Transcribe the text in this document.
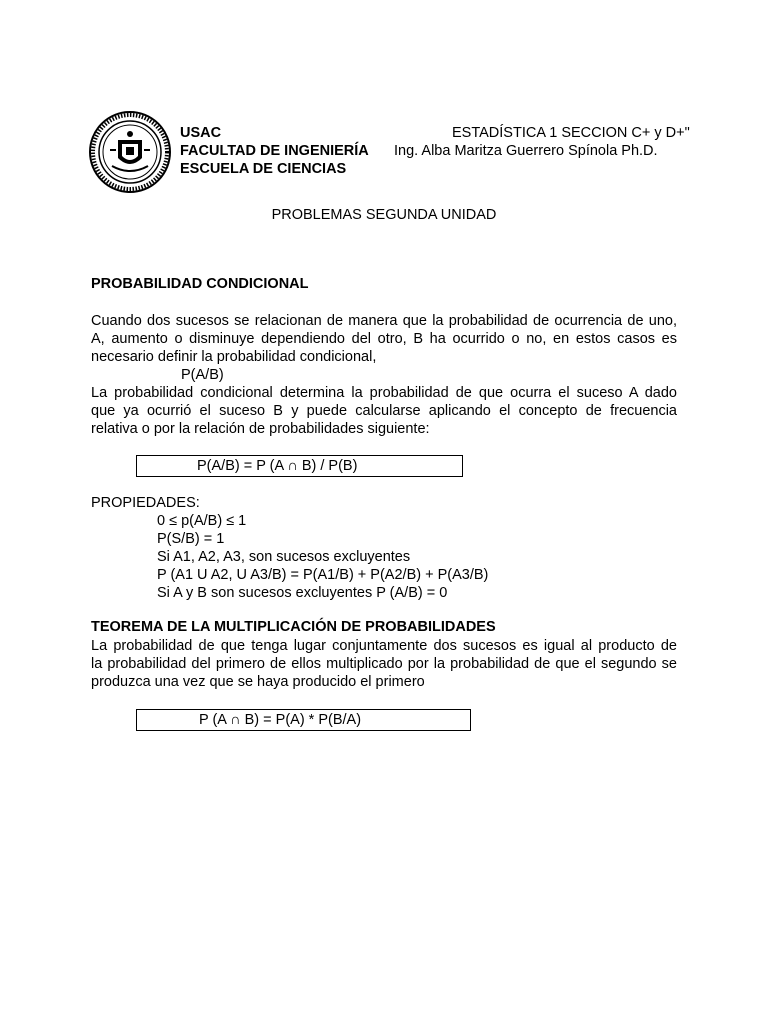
USAC
FACULTAD DE INGENIERÍA
ESCUELA DE CIENCIAS
ESTADÍSTICA 1 SECCION C+ y D+"
Ing. Alba Maritza Guerrero Spínola Ph.D.
PROBLEMAS SEGUNDA UNIDAD
PROBABILIDAD CONDICIONAL
Cuando dos sucesos se relacionan de manera que la probabilidad de ocurrencia de uno,
A, aumento o disminuye dependiendo del otro, B ha ocurrido o no, en estos casos es
necesario definir la probabilidad condicional,
P(A/B)
La probabilidad condicional determina la probabilidad de que ocurra el suceso A dado
que ya ocurrió el suceso B y puede calcularse aplicando el concepto de frecuencia
relativa o por la relación de probabilidades siguiente:
P(A/B) = P (A ∩ B) / P(B)
PROPIEDADES:
0 ≤ p(A/B) ≤ 1
P(S/B) = 1
Si A1, A2, A3, son sucesos excluyentes
P (A1 U A2, U A3/B) = P(A1/B) + P(A2/B) + P(A3/B)
Si A y B son sucesos excluyentes P (A/B) = 0
TEOREMA DE LA MULTIPLICACIÓN DE PROBABILIDADES
La probabilidad de que tenga lugar conjuntamente dos sucesos es igual al producto de
la probabilidad del primero de ellos multiplicado por la probabilidad de que el segundo se
produzca una vez que se haya producido el primero
P (A ∩ B) = P(A) * P(B/A)
